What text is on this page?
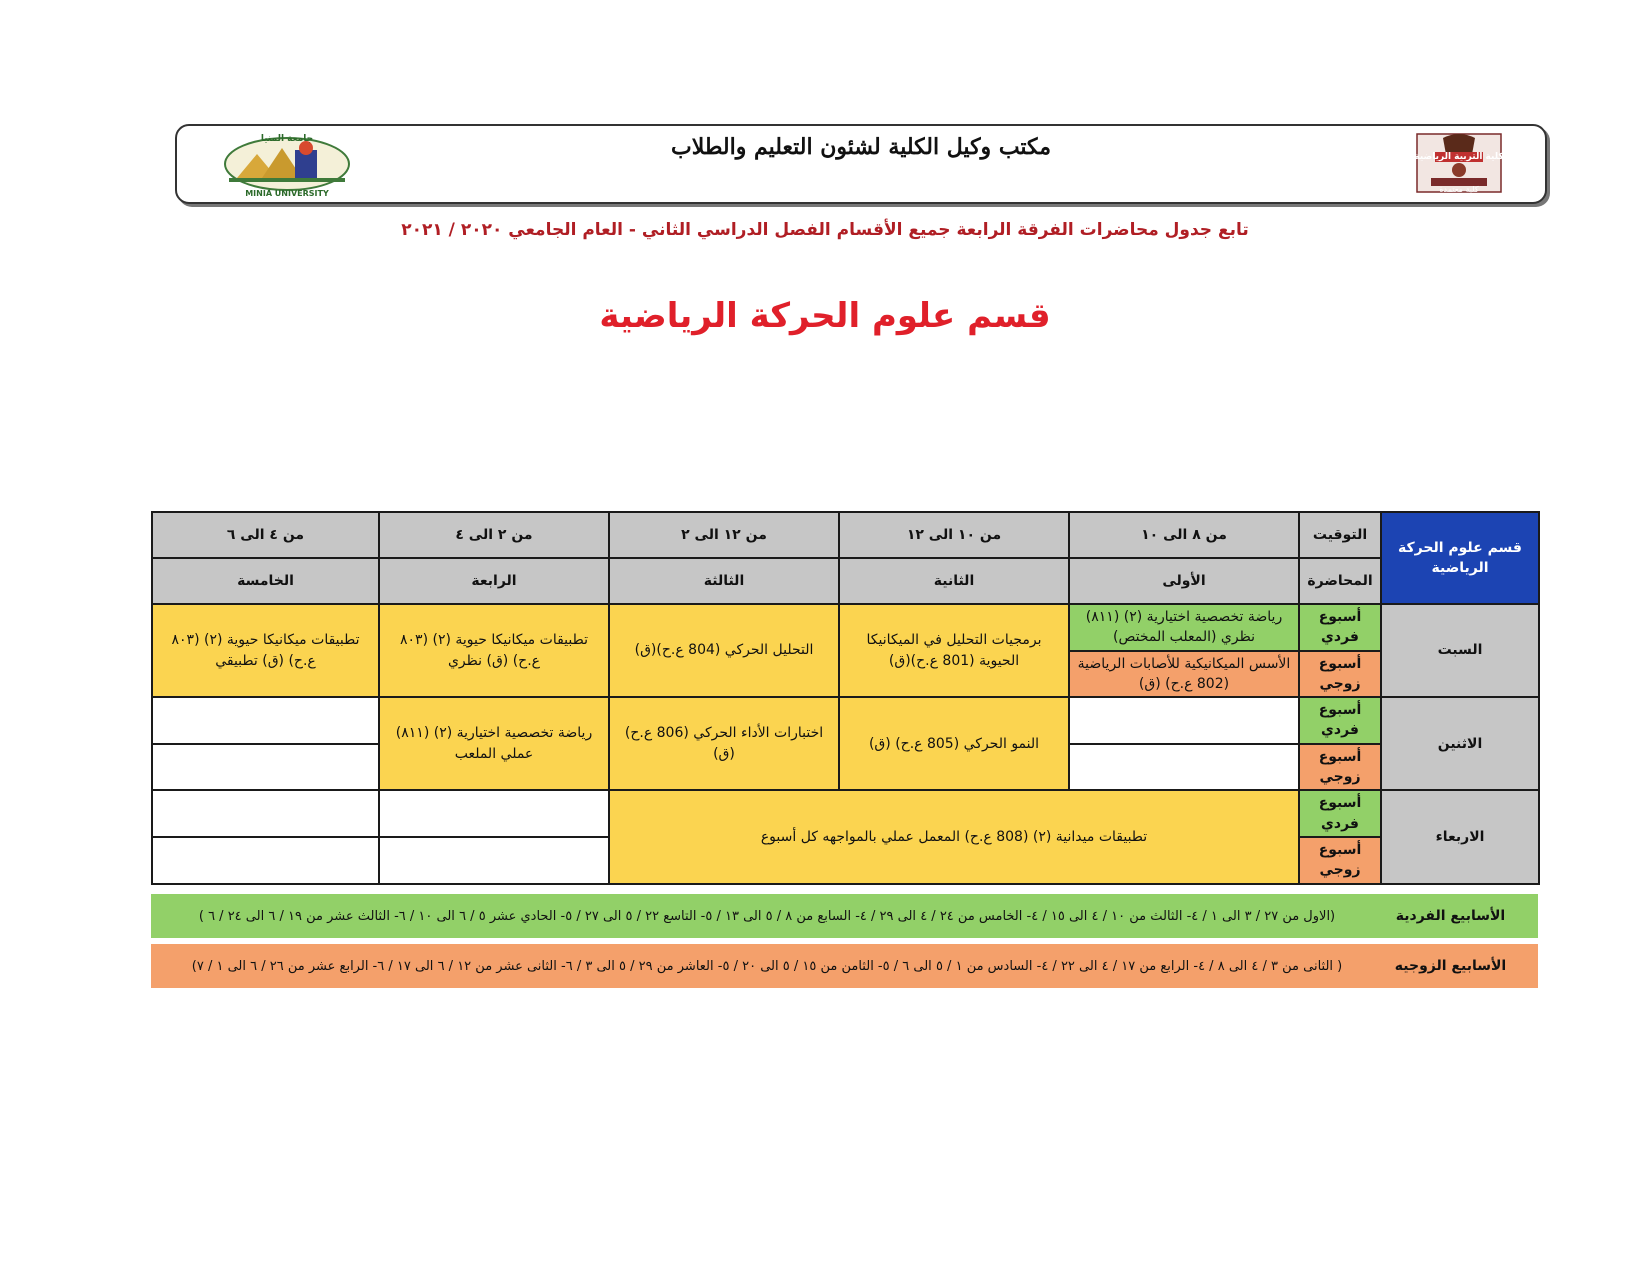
جامعة المنيا
MINIA UNIVERSITY
مكتب وكيل الكلية لشئون التعليم والطلاب	كلية التربية الرياضية
كلية معتمدة
تابع جدول محاضرات الفرقة الرابعة جميع الأقسام الفصل الدراسي الثاني - العام الجامعي ٢٠٢٠ / ٢٠٢١
قسم علوم الحركة الرياضية
قسم علوم الحركة الرياضية	التوقيت	من ٨ الى ١٠	من ١٠ الى ١٢	من ١٢ الى ٢	من ٢ الى ٤	من ٤ الى ٦
	المحاضرة	الأولى	الثانية	الثالثة	الرابعة	الخامسة
السبت	أسبوع فردي	رياضة تخصصية اختيارية (٢) (٨١١) نظري (المعلب المختص)	برمجيات التحليل في الميكانيكا الحيوية (801 ع.ح)(ق)	التحليل الحركي (804 ع.ح)(ق)	تطبيقات ميكانيكا حيوية (٢) (٨٠٣ ع.ح) (ق) نظري	تطبيقات ميكانيكا حيوية (٢) (٨٠٣ ع.ح) (ق) تطبيقي
	أسبوع زوجي	الأسس الميكانيكية للأصابات الرياضية (802 ع.ح) (ق)				
الاثنين	أسبوع فردي		النمو الحركي (805 ع.ح) (ق)	اختبارات الأداء الحركي (806 ع.ح)(ق)	رياضة تخصصية اختيارية (٢) (٨١١) عملي الملعب	
	أسبوع زوجي					
الاربعاء	أسبوع فردي	تطبيقات ميدانية (٢) (808 ع.ح) المعمل عملي بالمواجهه كل أسبوع				
	أسبوع زوجي					
الأسابيع الفردية
(الاول من ٢٧ / ٣ الى ١ / ٤- الثالث من ١٠ / ٤ الى ١٥ / ٤- الخامس من ٢٤ / ٤ الى ٢٩ / ٤- السابع من ٨ / ٥ الى ١٣ / ٥- التاسع ٢٢ / ٥ الى ٢٧ / ٥- الحادي عشر ٥ / ٦ الى ١٠ / ٦- الثالث عشر من ١٩ / ٦ الى ٢٤ / ٦ )
الأسابيع الزوجيه
( الثانى من ٣ / ٤ الى ٨ / ٤- الرابع من ١٧ / ٤ الى ٢٢ / ٤- السادس من ١ / ٥ الى ٦ / ٥- الثامن من ١٥ / ٥ الى ٢٠ / ٥- العاشر من ٢٩ / ٥ الى ٣ / ٦- الثانى عشر من ١٢ / ٦ الى ١٧ / ٦- الرابع عشر من ٢٦ / ٦ الى ١ / ٧)
